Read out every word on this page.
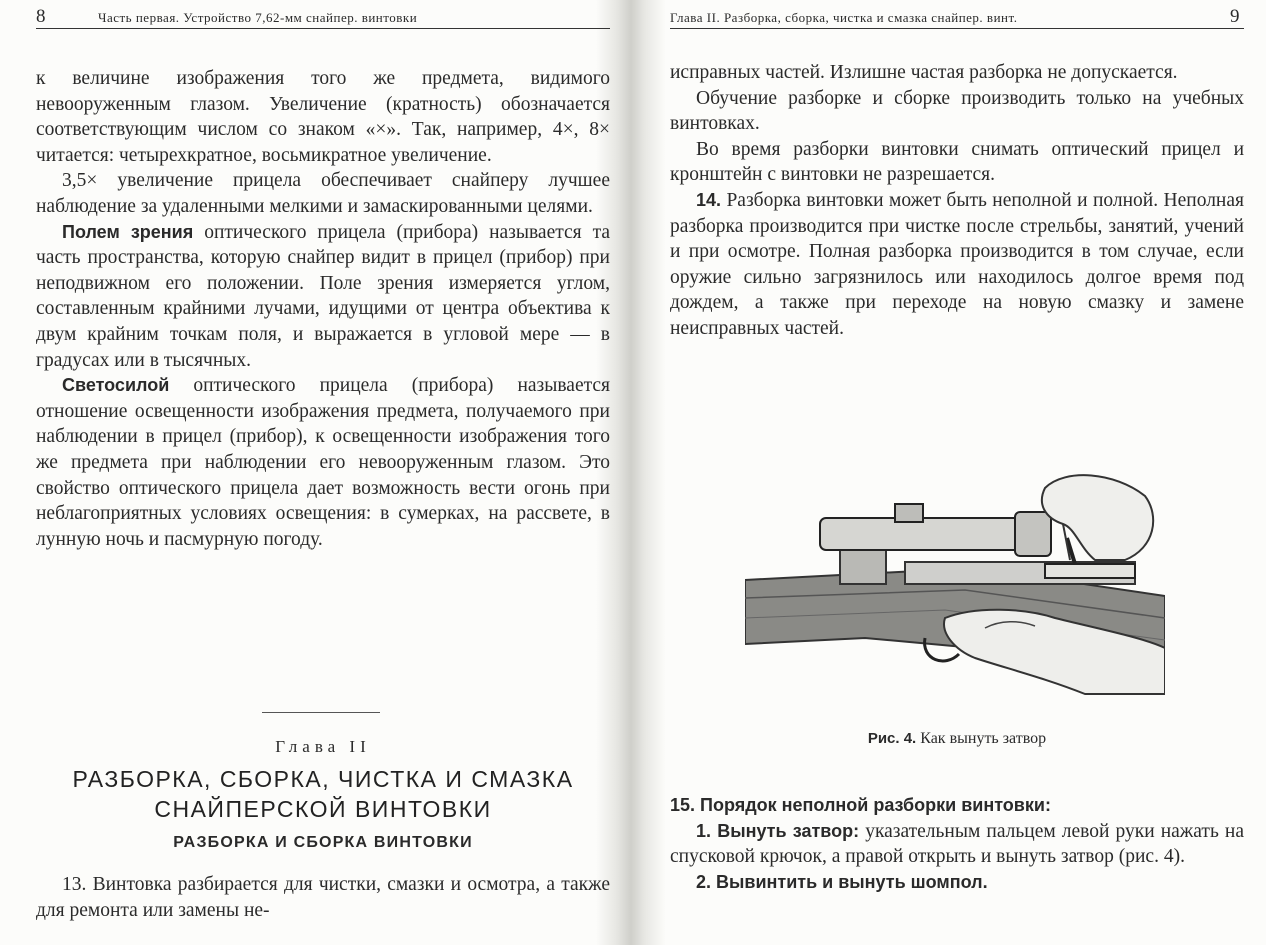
8	Часть первая. Устройство 7,62-мм снайпер. винтовки

к величине изображения того же предмета, видимого невооруженным глазом. Увеличение (кратность) обозначается соответствующим числом со знаком «×». Так, например, 4×, 8× читается: четырехкратное, восьмикратное увеличение.

3,5× увеличение прицела обеспечивает снайперу лучшее наблюдение за удаленными мелкими и замаскированными целями.

Полем зрения оптического прицела (прибора) называется та часть пространства, которую снайпер видит в прицел (прибор) при неподвижном его положении. Поле зрения измеряется углом, составленным крайними лучами, идущими от центра объектива к двум крайним точкам поля, и выражается в угловой мере — в градусах или в тысячных.

Светосилой оптического прицела (прибора) называется отношение освещенности изображения предмета, получаемого при наблюдении в прицел (прибор), к освещенности изображения того же предмета при наблюдении его невооруженным глазом. Это свойство оптического прицела дает возможность вести огонь при неблагоприятных условиях освещения: в сумерках, на рассвете, в лунную ночь и пасмурную погоду.

Глава II
РАЗБОРКА, СБОРКА, ЧИСТКА И СМАЗКА
СНАЙПЕРСКОЙ ВИНТОВКИ
РАЗБОРКА И СБОРКА ВИНТОВКИ

13. Винтовка разбирается для чистки, смазки и осмотра, а также для ремонта или замены не-

Глава II. Разборка, сборка, чистка и смазка снайпер. винт.	9

исправных частей. Излишне частая разборка не допускается.

Обучение разборке и сборке производить только на учебных винтовках.

Во время разборки винтовки снимать оптический прицел и кронштейн с винтовки не разрешается.

14. Разборка винтовки может быть неполной и полной. Неполная разборка производится при чистке после стрельбы, занятий, учений и при осмотре. Полная разборка производится в том случае, если оружие сильно загрязнилось или находилось долгое время под дождем, а также при переходе на новую смазку и замене неисправных частей.

Рис. 4. Как вынуть затвор

15. Порядок неполной разборки винтовки:

1. Вынуть затвор: указательным пальцем левой руки нажать на спусковой крючок, а правой открыть и вынуть затвор (рис. 4).

2. Вывинтить и вынуть шомпол.
